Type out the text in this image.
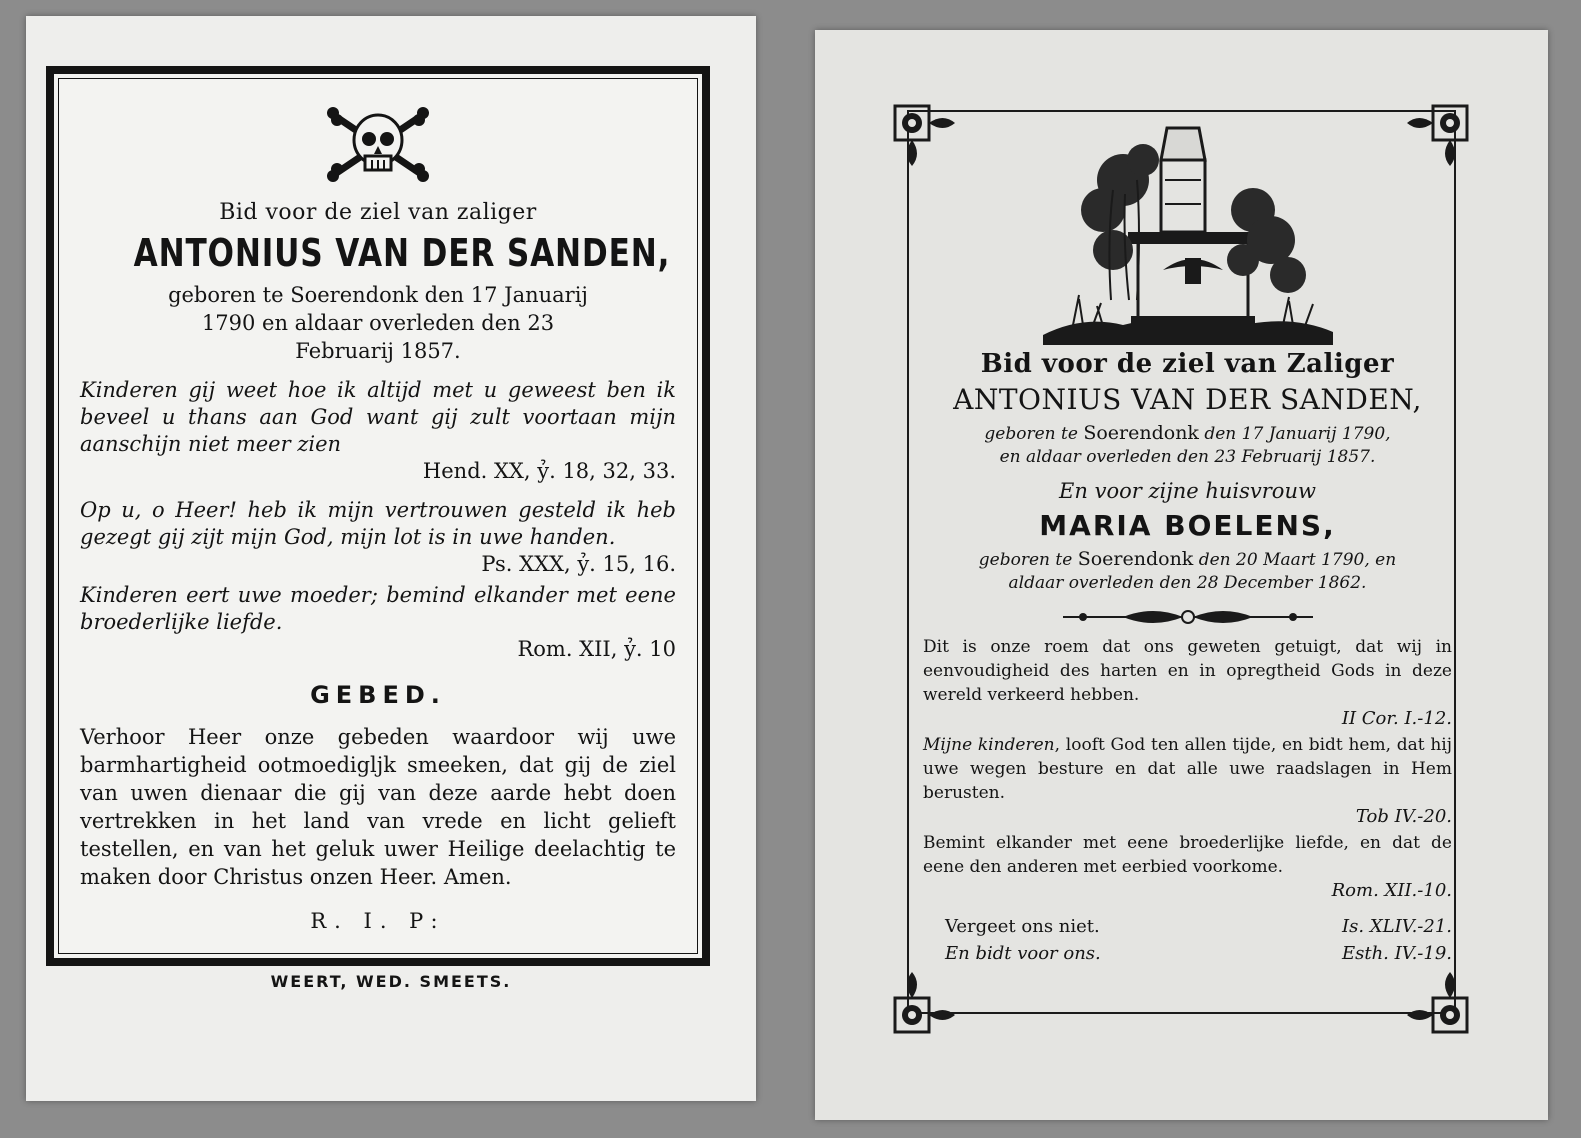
Bid voor de ziel van zaliger
ANTONIUS VAN DER SANDEN,
geboren te Soerendonk den 17 Januarij
1790 en aldaar overleden den 23
Februarij 1857.
Kinderen gij weet hoe ik altijd met u geweest ben ik beveel u thans aan God want gij zult voortaan mijn aanschijn niet meer zien
Hend. XX, ỷ. 18, 32, 33.
Op u, o Heer! heb ik mijn vertrouwen gesteld ik heb gezegt gij zijt mijn God, mijn lot is in uwe handen.
Ps. XXX, ỷ. 15, 16.
Kinderen eert uwe moeder; bemind elkander met eene broederlijke liefde.
Rom. XII, ỷ. 10
GEBED.
Verhoor Heer onze gebeden waardoor wij uwe barmhartigheid ootmoedigljk smeeken, dat gij de ziel van uwen dienaar die gij van deze aarde hebt doen vertrekken in het land van vrede en licht gelieft testellen, en van het geluk uwer Heilige deelachtig te maken door Christus onzen Heer. Amen.
R. I. P:
WEERT, WED. SMEETS.
Bid voor de ziel van Zaliger
ANTONIUS VAN DER SANDEN,
geboren te Soerendonk den 17 Januarij 1790,
en aldaar overleden den 23 Februarij 1857.
En voor zijne huisvrouw
MARIA BOELENS,
geboren te Soerendonk den 20 Maart 1790, en
aldaar overleden den 28 December 1862.
Dit is onze roem dat ons geweten getuigt, dat wij in eenvoudigheid des harten en in opregtheid Gods in deze wereld verkeerd hebben.
II Cor. I.-12.
Mijne kinderen, looft God ten allen tijde, en bidt hem, dat hij uwe wegen besture en dat alle uwe raadslagen in Hem berusten.
Tob IV.-20.
Bemint elkander met eene broederlijke liefde, en dat de eene den anderen met eerbied voorkome.
Rom. XII.-10.
Vergeet ons niet.	Is. XLIV.-21.
En bidt voor ons.	Esth. IV.-19.
